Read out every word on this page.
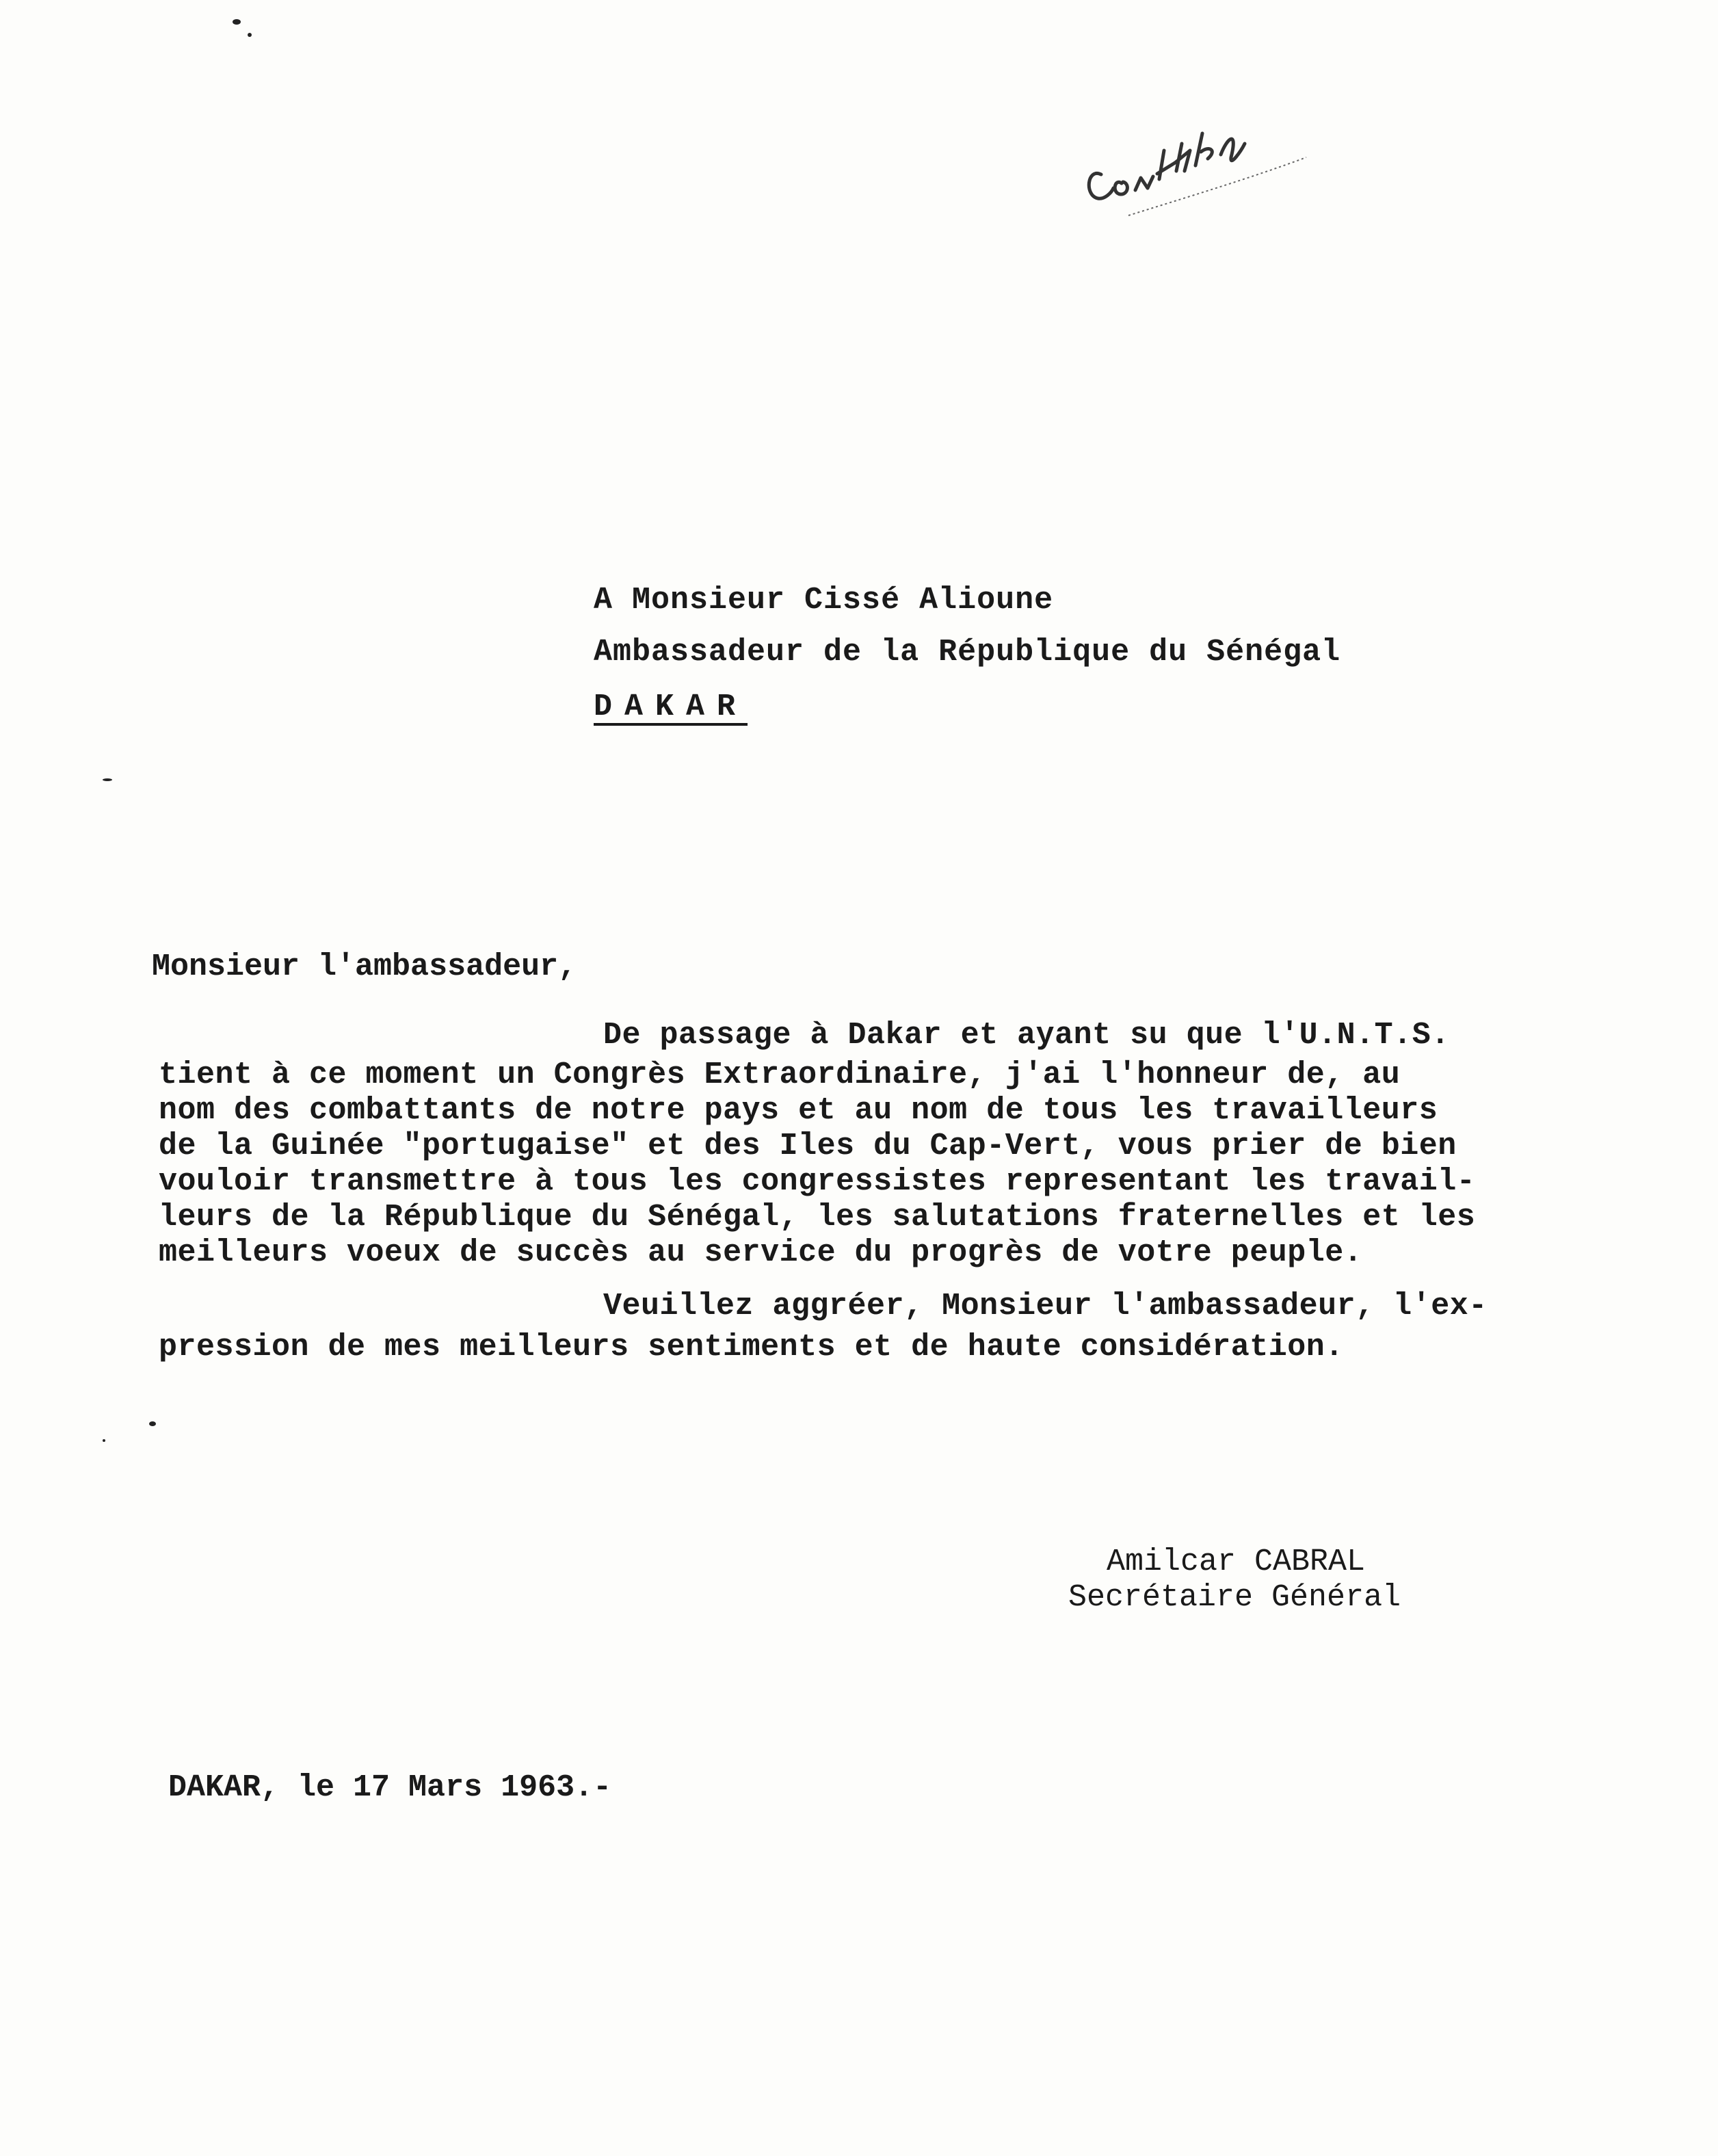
A Monsieur Cissé Alioune
Ambassadeur de la République du Sénégal
DAKAR
Monsieur l'ambassadeur,
De passage à Dakar et ayant su que l'U.N.T.S.
tient à ce moment un Congrès Extraordinaire, j'ai l'honneur de, au
nom des combattants de notre pays et au nom de tous les travailleurs
de la Guinée "portugaise" et des Iles du Cap-Vert, vous prier de bien
vouloir transmettre à tous les congressistes representant les travail-
leurs de la République du Sénégal, les salutations fraternelles et les
meilleurs voeux de succès au service du progrès de votre peuple.
Veuillez aggréer, Monsieur l'ambassadeur, l'ex-
pression de mes meilleurs sentiments et de haute considération.
Amilcar CABRAL
Secrétaire Général
DAKAR, le 17 Mars 1963.-
